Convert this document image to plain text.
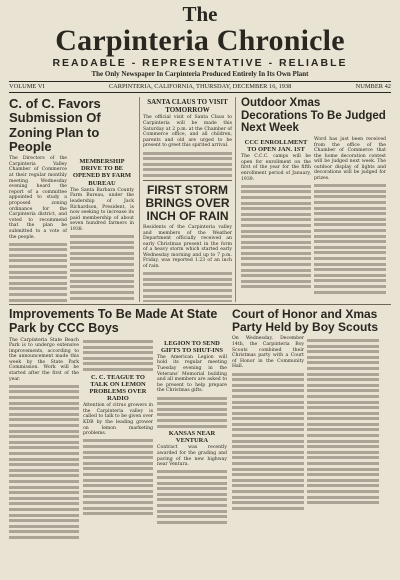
The
Carpinteria Chronicle
READABLE - REPRESENTATIVE - RELIABLE
The Only Newspaper In Carpinteria Produced Entirely In Its Own Plant
VOLUME VI	CARPINTERIA, CALIFORNIA, THURSDAY, DECEMBER 16, 1938	NUMBER 42
C. of C. Favors Submission Of Zoning Plan to People

The Directors of the Carpinteria Valley Chamber of Commerce at their regular monthly meeting Wednesday evening heard the report of a committee appointed to study a proposed zoning ordinance for the Carpinteria district, and voted to recommend that the plan be submitted to a vote of the people.

MEMBERSHIP DRIVE TO BE OPENED BY FARM BUREAU

The Santa Barbara County Farm Bureau, under the leadership of Jack Richardson, President, is now seeking to increase its paid membership of about seven hundred farmers in 1938.

SANTA CLAUS TO VISIT TOMORROW

The official visit of Santa Claus to Carpinteria will be made this Saturday at 2 p.m. at the Chamber of Commerce office, and all children, parents and old are urged to be present to greet this spirited arrival.

FIRST STORM BRINGS OVER INCH OF RAIN

Residents of the Carpinteria valley and members of the Weather Department officially received an early Christmas present in the form of a heavy storm which started early Wednesday morning and up to 7 p.m. Friday, was reported 1.23 of an inch of rain.

Outdoor Xmas Decorations To Be Judged Next Week
CCC ENROLLMENT TO OPEN JAN. 1ST

The C.C.C. camps will be open for enrollment on the first of the year for the fifth enrollment period of January, 1939.

Word has just been received from the office of the Chamber of Commerce that the home decoration contest will be judged next week. The outdoor display of lights and decorations will be judged for prizes.

Improvements To Be Made At State Park by CCC Boys

The Carpinteria State Beach Park is to undergo extensive improvements, according to the announcement made this week by the State Park Commission. Work will be started after the first of the year.	C. C. TEAGUE TO TALK ON LEMON PROBLEMS OVER RADIO

Attention of citrus growers in the Carpinteria valley is called to talk to be given over KDB by the leading grower on lemon marketing problems.

LEGION TO SEND GIFTS TO SHUT-INS

The American Legion will hold its regular meeting Tuesday evening in the Veterans' Memorial building and all members are asked to be present to help prepare the Christmas gifts.

KANSAS NEAR VENTURA

Contract was recently awarded for the grading and paving of the new highway near Ventura.

Court of Honor and Xmas Party Held by Boy Scouts

On Wednesday, December 14th, the Carpinteria Boy Scouts combined their Christmas party with a Court of Honor in the Community Hall.
